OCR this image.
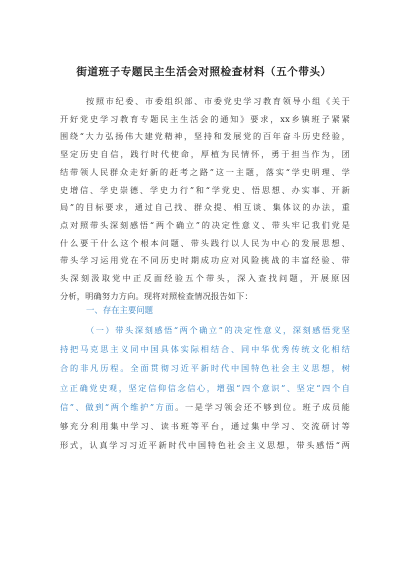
街道班子专题民主生活会对照检查材料（五个带头）
按照市纪委、市委组织部、市委党史学习教育领导小组《关于
开好党史学习教育专题民主生活会的通知》要求，xx乡镇班子紧紧
围绕“大力弘扬伟大建党精神，坚持和发展党的百年奋斗历史经验，
坚定历史自信，践行时代使命，厚植为民情怀，勇于担当作为，团
结带领人民群众走好新的赶考之路”这一主题，落实“学史明理、学
史增信、学史崇德、学史力行”和“学党史、悟思想、办实事、开新
局”的目标要求，通过自己找、群众提、相互谈、集体议的办法，重
点对照带头深刻感悟“两个确立”的决定性意义、带头牢记我们党是
什么要干什么这个根本问题、带头践行以人民为中心的发展思想、
带头学习运用党在不同历史时期成功应对风险挑战的丰富经验、带
头深刻汲取党中正反面经验五个带头，深入查找问题，开展原因
分析，明确努力方向。现将对照检查情况报告如下：
一、存在主要问题
（一）带头深刻感悟“两个确立”的决定性意义，深刻感悟党坚
持把马克思主义同中国具体实际相结合、同中华优秀传统文化相结
合的非凡历程。全面贯彻习近平新时代中国特色社会主义思想，树
立正确党史观，坚定信仰信念信心，增强“四个意识”、坚定“四个自
信”、做到“两个维护”方面。一是学习领会还不够到位。班子成员能
够充分利用集中学习、读书班等平台，通过集中学习、交流研讨等
形式，认真学习习近平新时代中国特色社会主义思想，带头感悟“两
